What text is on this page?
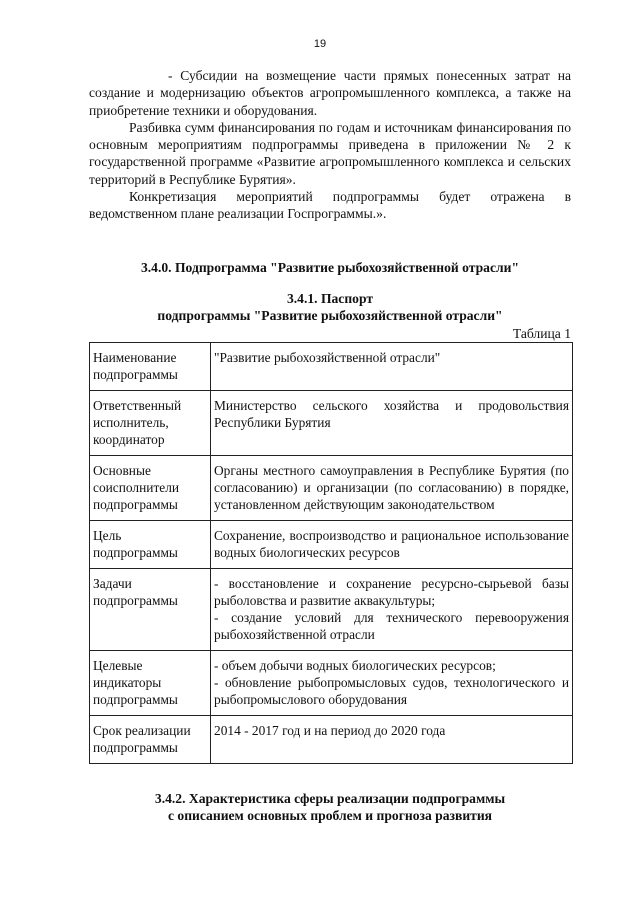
19

- Субсидии на возмещение части прямых понесенных затрат на создание и модернизацию объектов агропромышленного комплекса, а также на приобретение техники и оборудования.

Разбивка сумм финансирования по годам и источникам финансирования по основным мероприятиям подпрограммы приведена в приложении № 2 к государственной программе «Развитие агропромышленного комплекса и сельских территорий в Республике Бурятия».

Конкретизация мероприятий подпрограммы будет отражена в ведомственном плане реализации Госпрограммы.».

3.4.0. Подпрограмма "Развитие рыбохозяйственной отрасли"
3.4.1. Паспорт
подпрограммы "Развитие рыбохозяйственной отрасли"
Таблица 1
Наименование подпрограммы	"Развитие рыбохозяйственной отрасли"

Ответственный исполнитель, координатор	Министерство сельского хозяйства и продовольствия Республики Бурятия

Основные соисполнители подпрограммы	Органы местного самоуправления в Республике Бурятия (по согласованию) и организации (по согласованию) в порядке, установленном действующим законодательством

Цель подпрограммы	Сохранение, воспроизводство и рациональное использование водных биологических ресурсов

Задачи подпрограммы	- восстановление и сохранение ресурсно-сырьевой базы рыболовства и развитие аквакультуры;
- создание условий для технического перевооружения рыбохозяйственной отрасли

Целевые индикаторы подпрограммы	- объем добычи водных биологических ресурсов;
- обновление рыбопромысловых судов, технологического и рыбопромыслового оборудования

Срок реализации подпрограммы	2014 - 2017 год и на период до 2020 года
3.4.2. Характеристика сферы реализации подпрограммы
с описанием основных проблем и прогноза развития
